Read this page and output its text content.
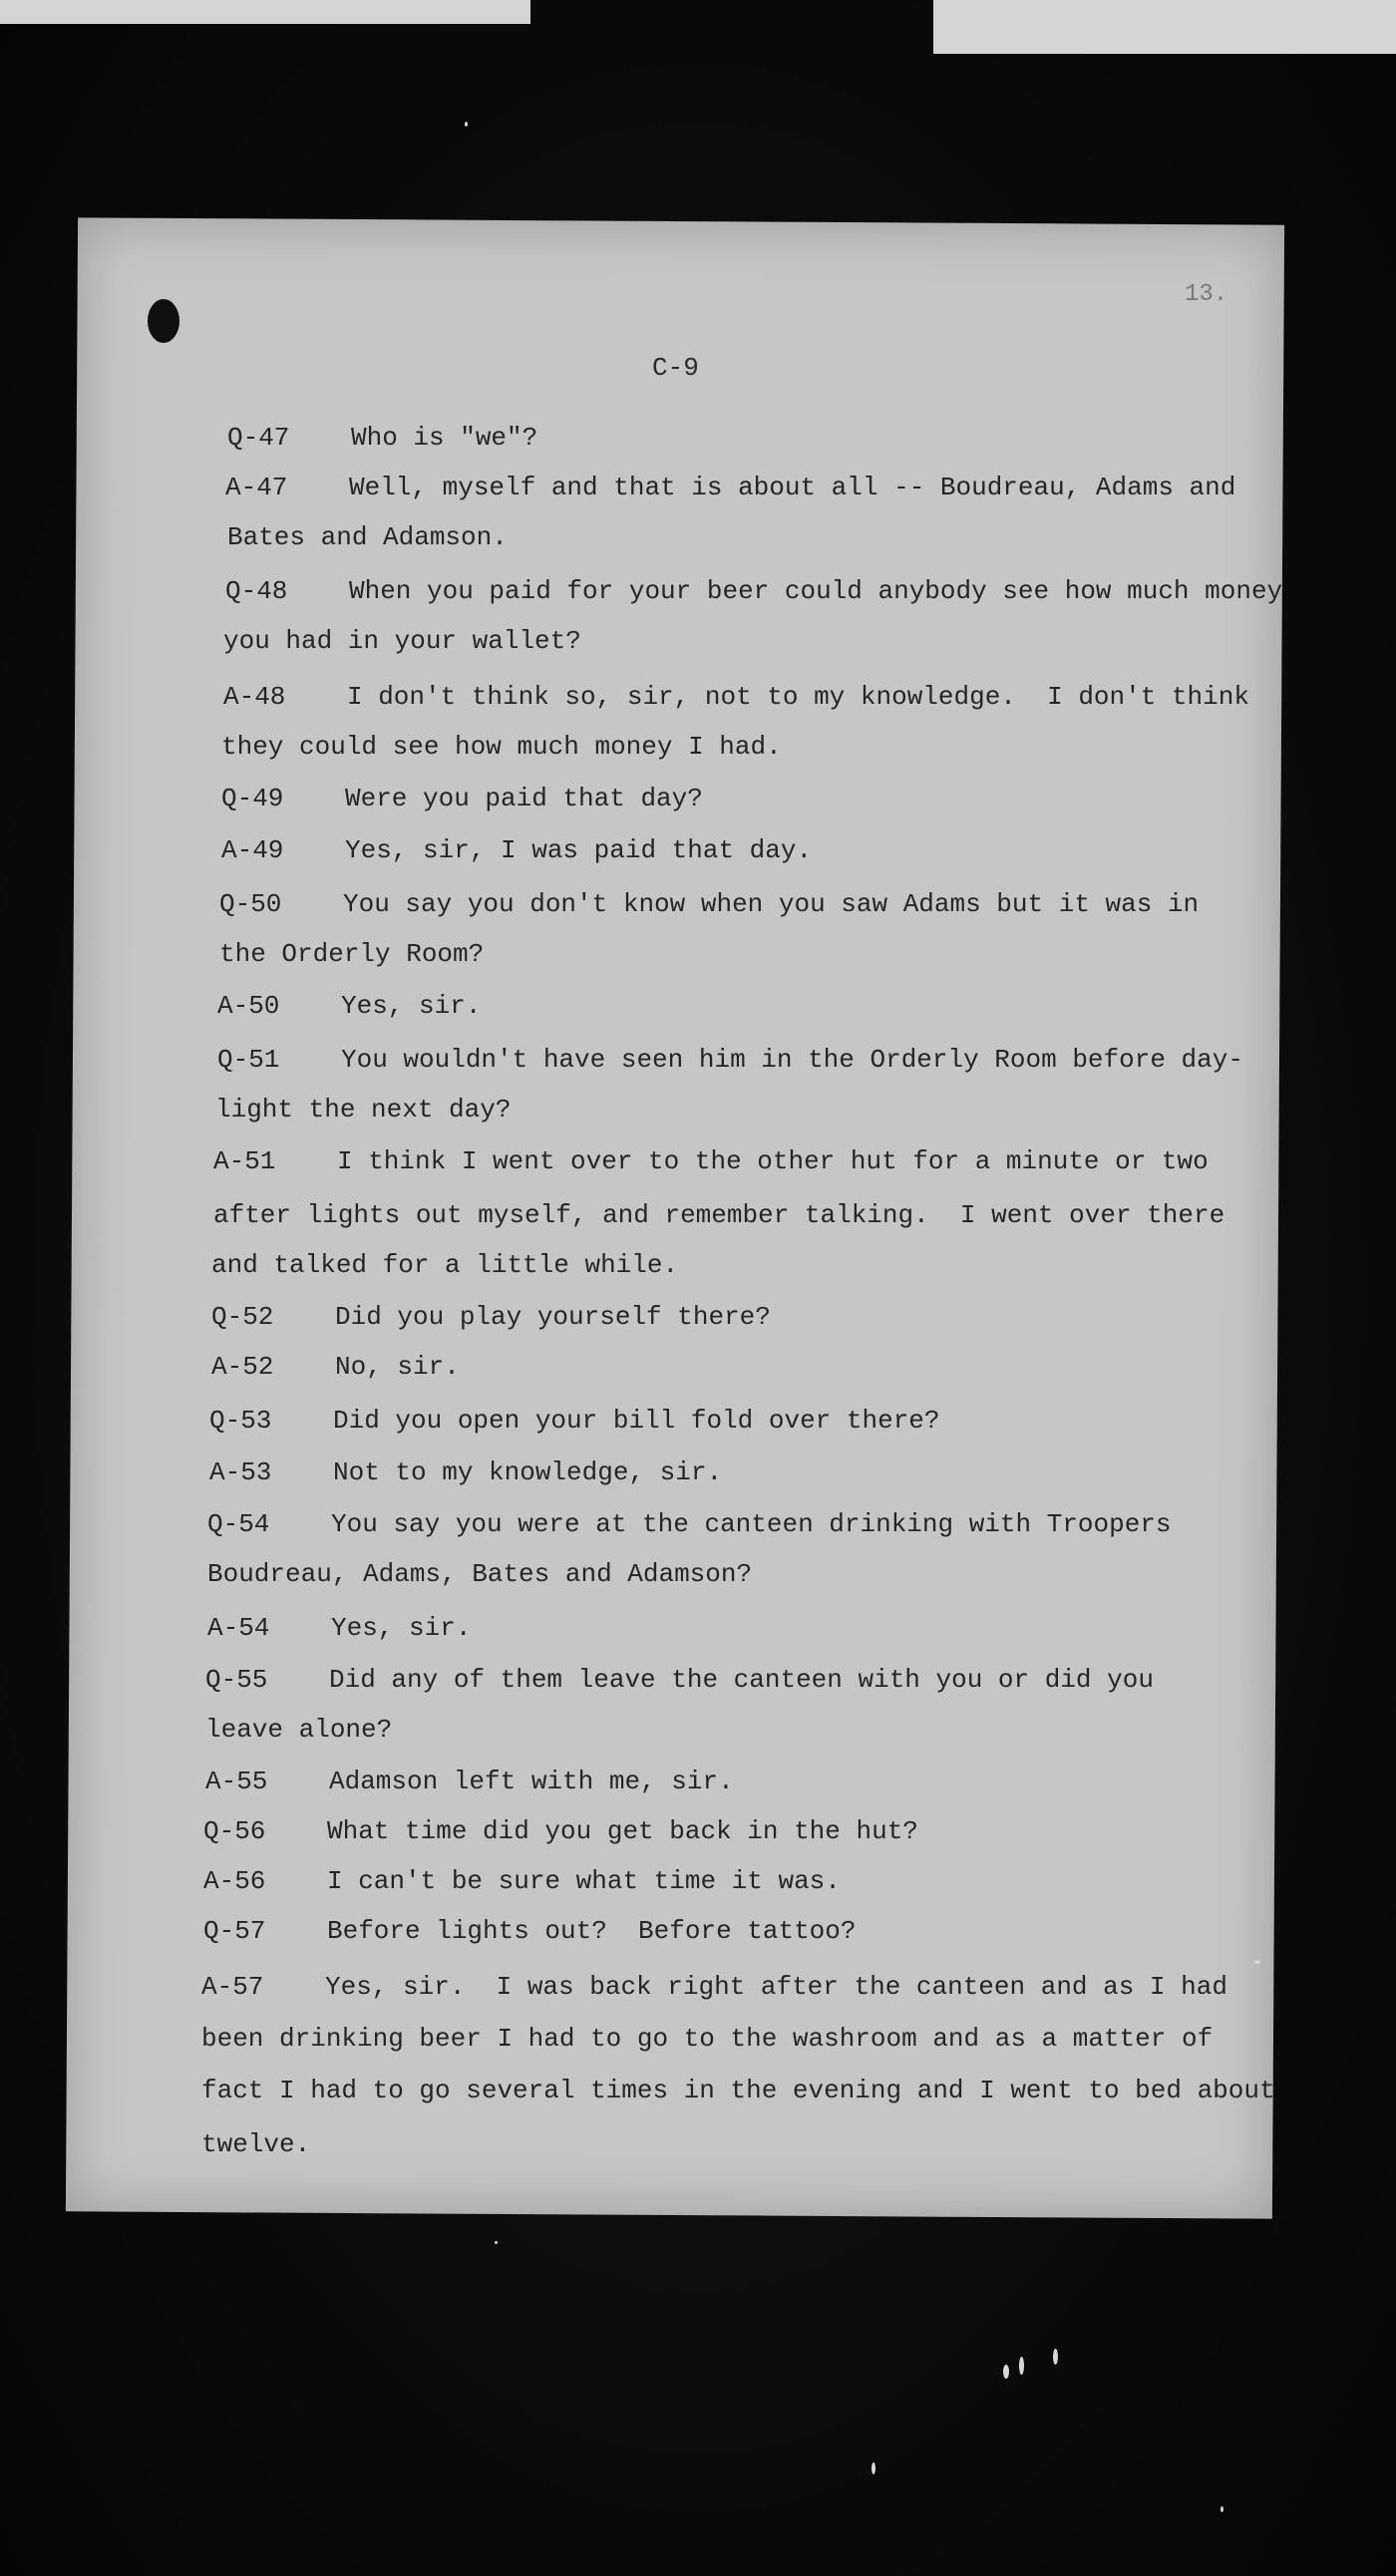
13.
C-9
Q-47 Who is "we"?
A-47 Well, myself and that is about all -- Boudreau, Adams and
Bates and Adamson.
Q-48 When you paid for your beer could anybody see how much money
you had in your wallet?
A-48 I don't think so, sir, not to my knowledge.  I don't think
they could see how much money I had.
Q-49 Were you paid that day?
A-49 Yes, sir, I was paid that day.
Q-50 You say you don't know when you saw Adams but it was in
the Orderly Room?
A-50 Yes, sir.
Q-51 You wouldn't have seen him in the Orderly Room before day-
light the next day?
A-51 I think I went over to the other hut for a minute or two
after lights out myself, and remember talking.  I went over there
and talked for a little while.
Q-52 Did you play yourself there?
A-52 No, sir.
Q-53 Did you open your bill fold over there?
A-53 Not to my knowledge, sir.
Q-54 You say you were at the canteen drinking with Troopers
Boudreau, Adams, Bates and Adamson?
A-54 Yes, sir.
Q-55 Did any of them leave the canteen with you or did you
leave alone?
A-55 Adamson left with me, sir.
Q-56 What time did you get back in the hut?
A-56 I can't be sure what time it was.
Q-57 Before lights out?  Before tattoo?
A-57 Yes, sir.  I was back right after the canteen and as I had
been drinking beer I had to go to the washroom and as a matter of
fact I had to go several times in the evening and I went to bed about
twelve.
